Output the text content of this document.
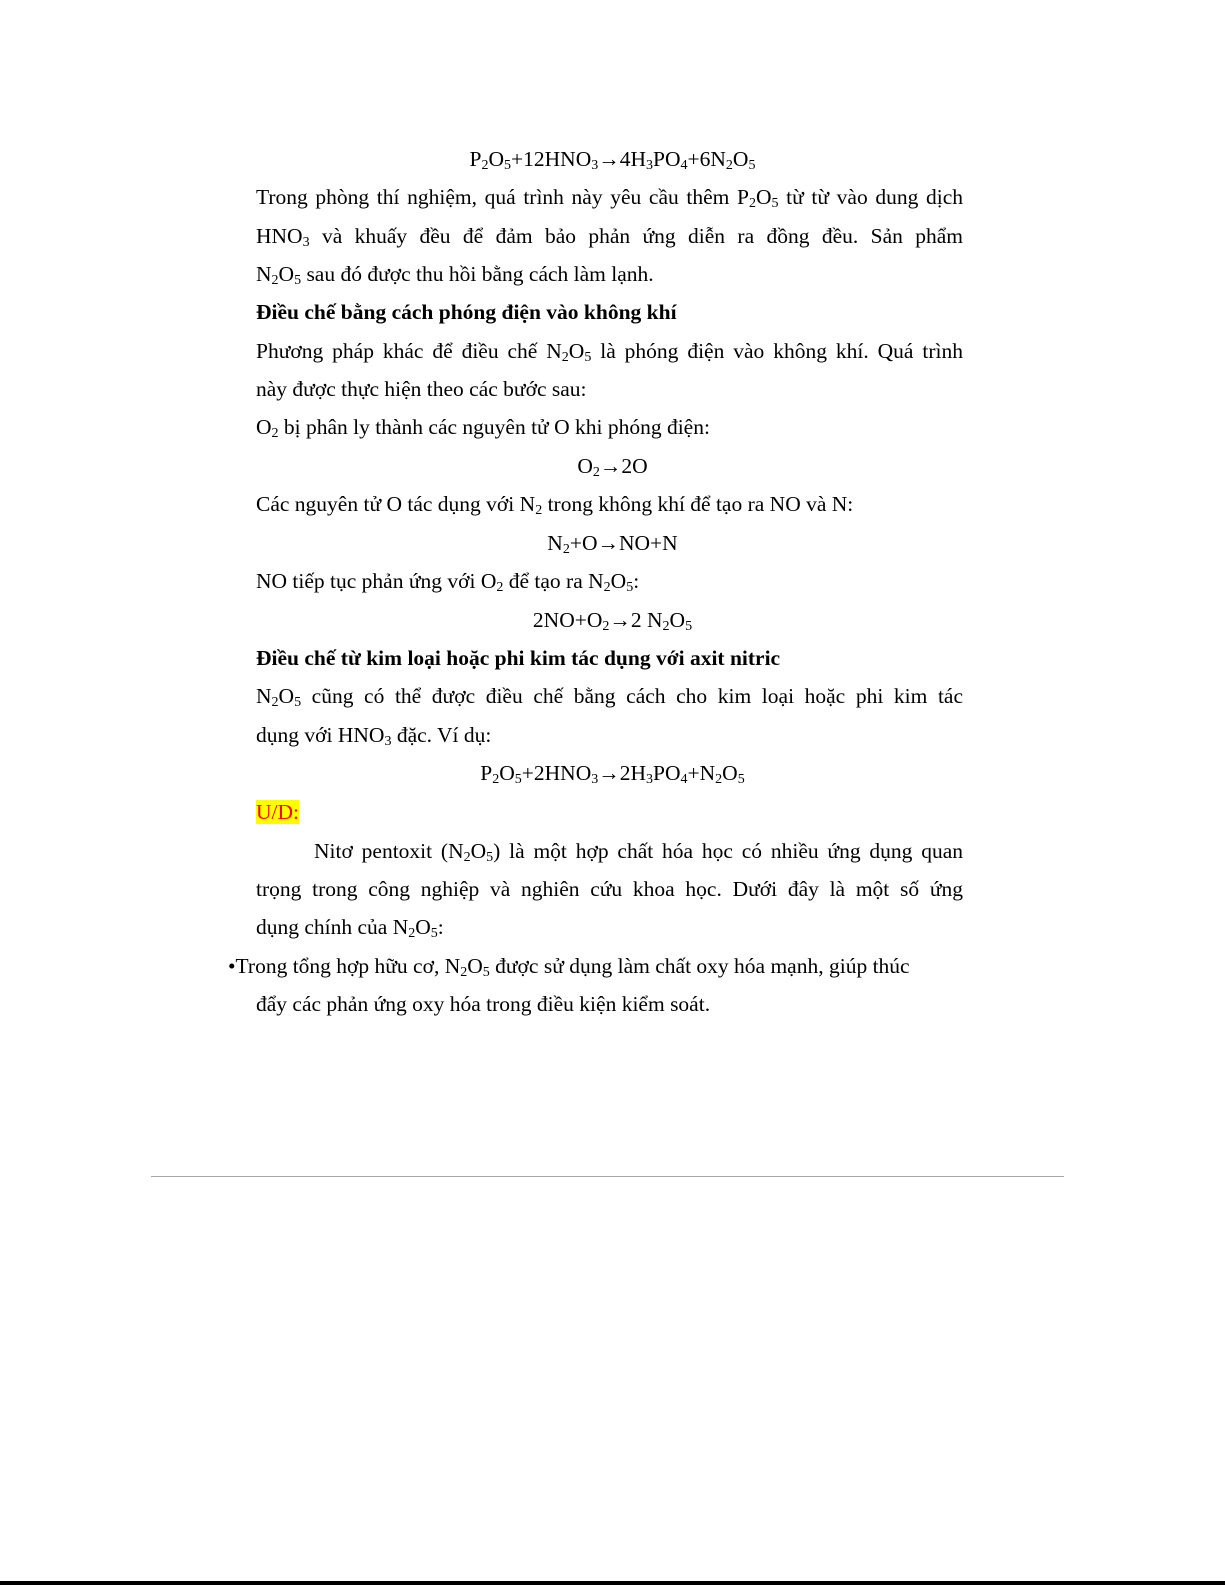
P2O5+12HNO3→4H3PO4+6N2O5

Trong phòng thí nghiệm, quá trình này yêu cầu thêm P2O5 từ từ vào dung dịch

HNO3 và khuấy đều để đảm bảo phản ứng diễn ra đồng đều. Sản phẩm

N2O5 sau đó được thu hồi bằng cách làm lạnh.

Điều chế bằng cách phóng điện vào không khí

Phương pháp khác để điều chế N2O5 là phóng điện vào không khí. Quá trình

này được thực hiện theo các bước sau:

O2 bị phân ly thành các nguyên tử O khi phóng điện:

O2→2O

Các nguyên tử O tác dụng với N2 trong không khí để tạo ra NO và N:

N2+O→NO+N

NO tiếp tục phản ứng với O2 để tạo ra N2O5:

2NO+O2→2 N2O5

Điều chế từ kim loại hoặc phi kim tác dụng với axit nitric

N2O5 cũng có thể được điều chế bằng cách cho kim loại hoặc phi kim tác

dụng với HNO3 đặc. Ví dụ:

P2O5+2HNO3→2H3PO4+N2O5

U/D:

Nitơ pentoxit (N2O5) là một hợp chất hóa học có nhiều ứng dụng quan

trọng trong công nghiệp và nghiên cứu khoa học. Dưới đây là một số ứng

dụng chính của N2O5:

•Trong tổng hợp hữu cơ, N2O5 được sử dụng làm chất oxy hóa mạnh, giúp thúc

đẩy các phản ứng oxy hóa trong điều kiện kiểm soát.
